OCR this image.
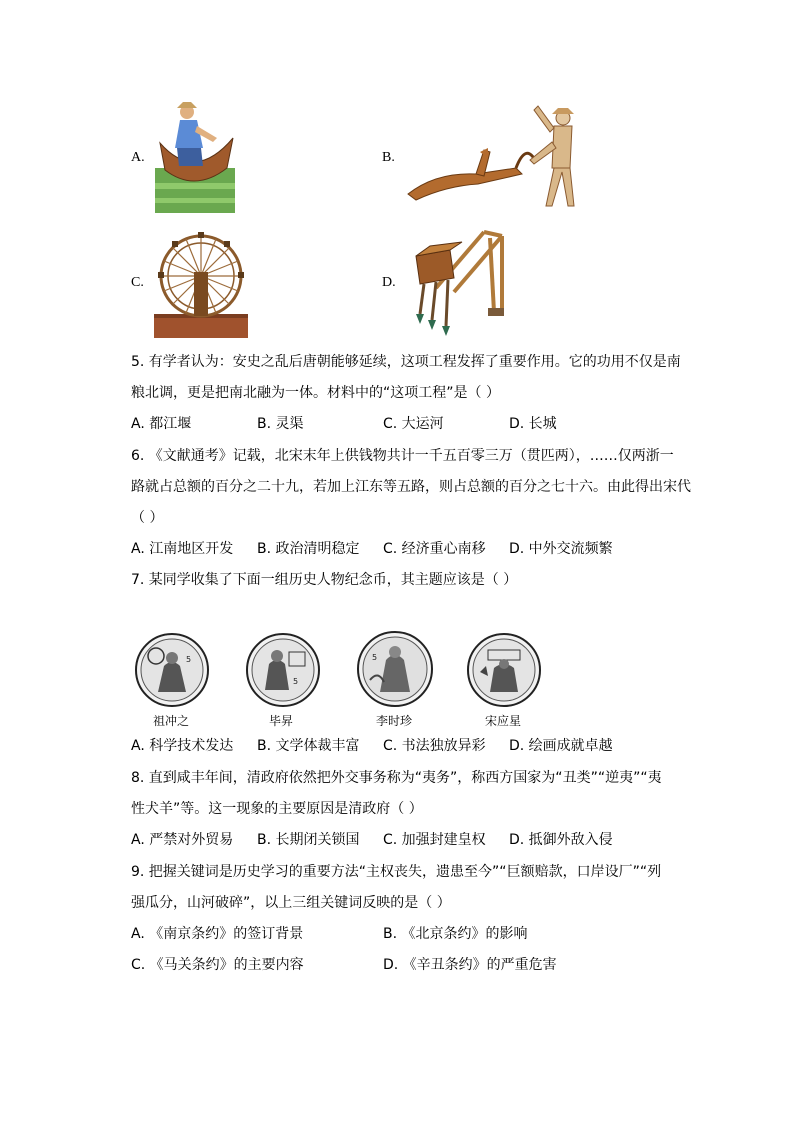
A.	B.
C.	D.
5. 有学者认为：安史之乱后唐朝能够延续，这项工程发挥了重要作用。它的功用不仅是南
粮北调，更是把南北融为一体。材料中的“这项工程”是（ ）
A. 都江堰	B. 灵渠	C. 大运河	D. 长城
6. 《文献通考》记载，北宋末年上供钱物共计一千五百零三万（贯匹两），……仅两浙一
路就占总额的百分之二十九，若加上江东等五路，则占总额的百分之七十六。由此得出宋代
（ ）
A. 江南地区开发 B. 政治清明稳定 C. 经济重心南移 D. 中外交流频繁
7. 某同学收集了下面一组历史人物纪念币，其主题应该是（ ）
5
5
5
祖冲之	毕昇	李时珍	宋应星
A. 科学技术发达 B. 文学体裁丰富 C. 书法独放异彩 D. 绘画成就卓越
8. 直到咸丰年间，清政府依然把外交事务称为“夷务”，称西方国家为“丑类”“逆夷”“夷
性犬羊”等。这一现象的主要原因是清政府（ ）
A. 严禁对外贸易 B. 长期闭关锁国 C. 加强封建皇权 D. 抵御外敌入侵
9. 把握关键词是历史学习的重要方法“主权丧失，遗患至今”“巨额赔款，口岸设厂”“列
强瓜分，山河破碎”，以上三组关键词反映的是（ ）
A. 《南京条约》的签订背景	B. 《北京条约》的影响
C. 《马关条约》的主要内容	D. 《辛丑条约》的严重危害
